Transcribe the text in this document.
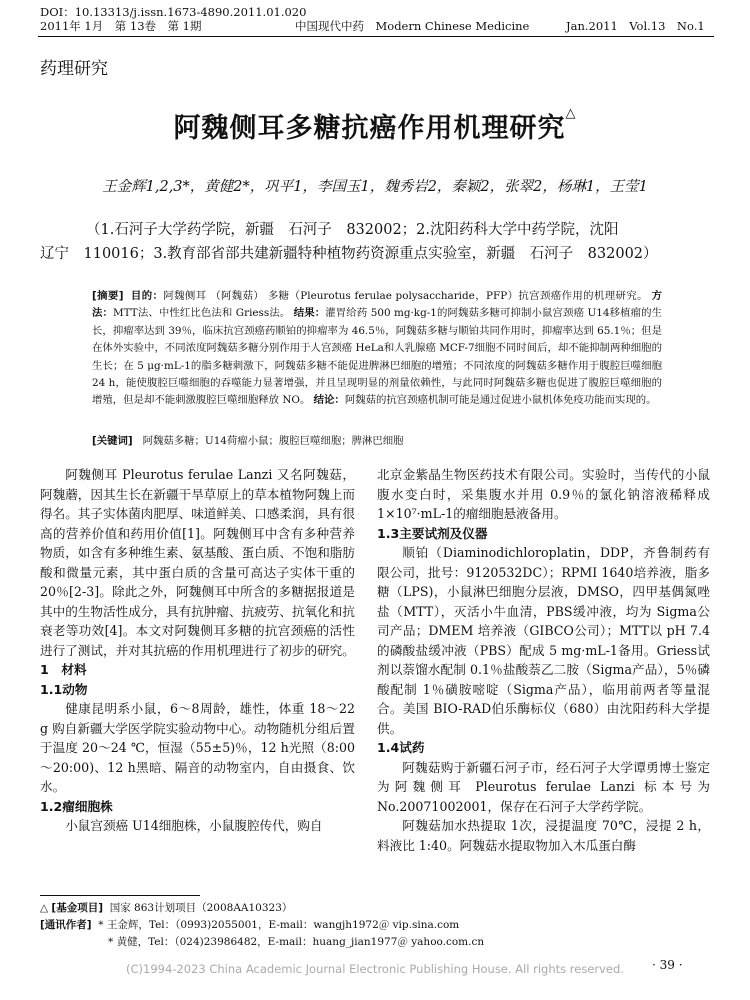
DOI：10.13313/j.issn.1673-4890.2011.01.020
2011年 1月　第 13卷　第 1期	中国现代中药　Modern Chinese Medicine	Jan.2011　Vol.13　No.1
药理研究
阿魏侧耳多糖抗癌作用机理研究△
王金辉1,2,3*，黄健2*，巩平1，李国玉1，魏秀岩2，秦颖2，张翠2，杨琳1，王莹1
（1.石河子大学药学院，新疆　石河子　832002；2.沈阳药科大学中药学院，沈阳
辽宁　110016；3.教育部省部共建新疆特种植物药资源重点实验室，新疆　石河子　832002）
[摘要] 目的：阿魏侧耳 （阿魏菇） 多糖（Pleurotus ferulae polysaccharide，PFP）抗宫颈癌作用的机理研究。 方法：MTT法、中性红比色法和 Griess法。 结果：灌胃给药 500 mg·kg-1的阿魏菇多糖可抑制小鼠宫颈癌 U14移植瘤的生长，抑瘤率达到 39％，临床抗宫颈癌药顺铂的抑瘤率为 46.5％，阿魏菇多糖与顺铂共同作用时，抑瘤率达到 65.1％；但是在体外实验中，不同浓度阿魏菇多糖分别作用于人宫颈癌 HeLa和人乳腺癌 MCF-7细胞不同时间后，却不能抑制两种细胞的生长；在 5 μg·mL-1的脂多糖刺激下，阿魏菇多糖不能促进脾淋巴细胞的增殖；不同浓度的阿魏菇多糖作用于腹腔巨噬细胞 24 h，能使腹腔巨噬细胞的吞噬能力显著增强，并且呈现明显的剂量依赖性，与此同时阿魏菇多糖也促进了腹腔巨噬细胞的增殖，但是却不能刺激腹腔巨噬细胞释放 NO。 结论：阿魏菇的抗宫颈癌机制可能是通过促进小鼠机体免疫功能而实现的。
[关键词] 阿魏菇多糖；U14荷瘤小鼠；腹腔巨噬细胞；脾淋巴细胞

阿魏侧耳 Pleurotus ferulae Lanzi 又名阿魏菇，阿魏蘑，因其生长在新疆干旱草原上的草本植物阿魏上而得名。其子实体菌肉肥厚、味道鲜美、口感柔润，具有很高的营养价值和药用价值[1]。阿魏侧耳中含有多种营养物质，如含有多种维生素、氨基酸、蛋白质、不饱和脂肪酸和微量元素，其中蛋白质的含量可高达子实体干重的 20％[2-3]。除此之外，阿魏侧耳中所含的多糖据报道是其中的生物活性成分，具有抗肿瘤、抗疲劳、抗氧化和抗衰老等功效[4]。本文对阿魏侧耳多糖的抗宫颈癌的活性进行了测试，并对其抗癌的作用机理进行了初步的研究。

1　材料

1.1动物

健康昆明系小鼠，6～8周龄，雄性，体重 18～22 g 购自新疆大学医学院实验动物中心。动物随机分组后置于温度 20～24 ℃，恒湿（55±5)％，12 h光照（8:00～20:00)、12 h黑暗、隔音的动物室内，自由摄食、饮水。

1.2瘤细胞株

小鼠宫颈癌 U14细胞株，小鼠腹腔传代，购自

北京金紫晶生物医药技术有限公司。实验时，当传代的小鼠腹水变白时，采集腹水并用 0.9％的氯化钠溶液稀释成 1×10⁷·mL-1的瘤细胞悬液备用。

1.3主要试剂及仪器

顺铂（Diaminodichloroplatin，DDP，齐鲁制药有限公司，批号：9120532DC）；RPMI 1640培养液，脂多糖（LPS)，小鼠淋巴细胞分层液，DMSO，四甲基偶氮唑盐（MTT），灭活小牛血清，PBS缓冲液，均为 Sigma公司产品；DMEM 培养液（GIBCO公司）；MTT以 pH 7.4的磷酸盐缓冲液（PBS）配成 5 mg·mL-1备用。Griess试剂以萘馏水配制 0.1％盐酸萘乙二胺（Sigma产品），5％磷酸配制 1％磺胺嘧啶（Sigma产品），临用前两者等量混合。美国 BIO-RAD伯乐酶标仪（680）由沈阳药科大学提供。

1.4试药

阿魏菇购于新疆石河子市，经石河子大学谭勇博士鉴定为阿魏侧耳 Pleurotus ferulae Lanzi 标本号为 No.20071002001，保存在石河子大学药学院。

阿魏菇加水热提取 1次，浸提温度 70℃，浸提 2 h，料液比 1:40。阿魏菇水提取物加入木瓜蛋白酶

△ [基金项目] 国家 863计划项目（2008AA10323）
[通讯作者] * 王金辉，Tel：（0993)2055001，E-mail：wangjh1972＠ vip.sina.com
* 黄健，Tel：（024)23986482，E-mail：huang_jian1977＠ yahoo.com.cn
(C)1994-2023 China Academic Journal Electronic Publishing House. All rights reserved.	· 39 ·
